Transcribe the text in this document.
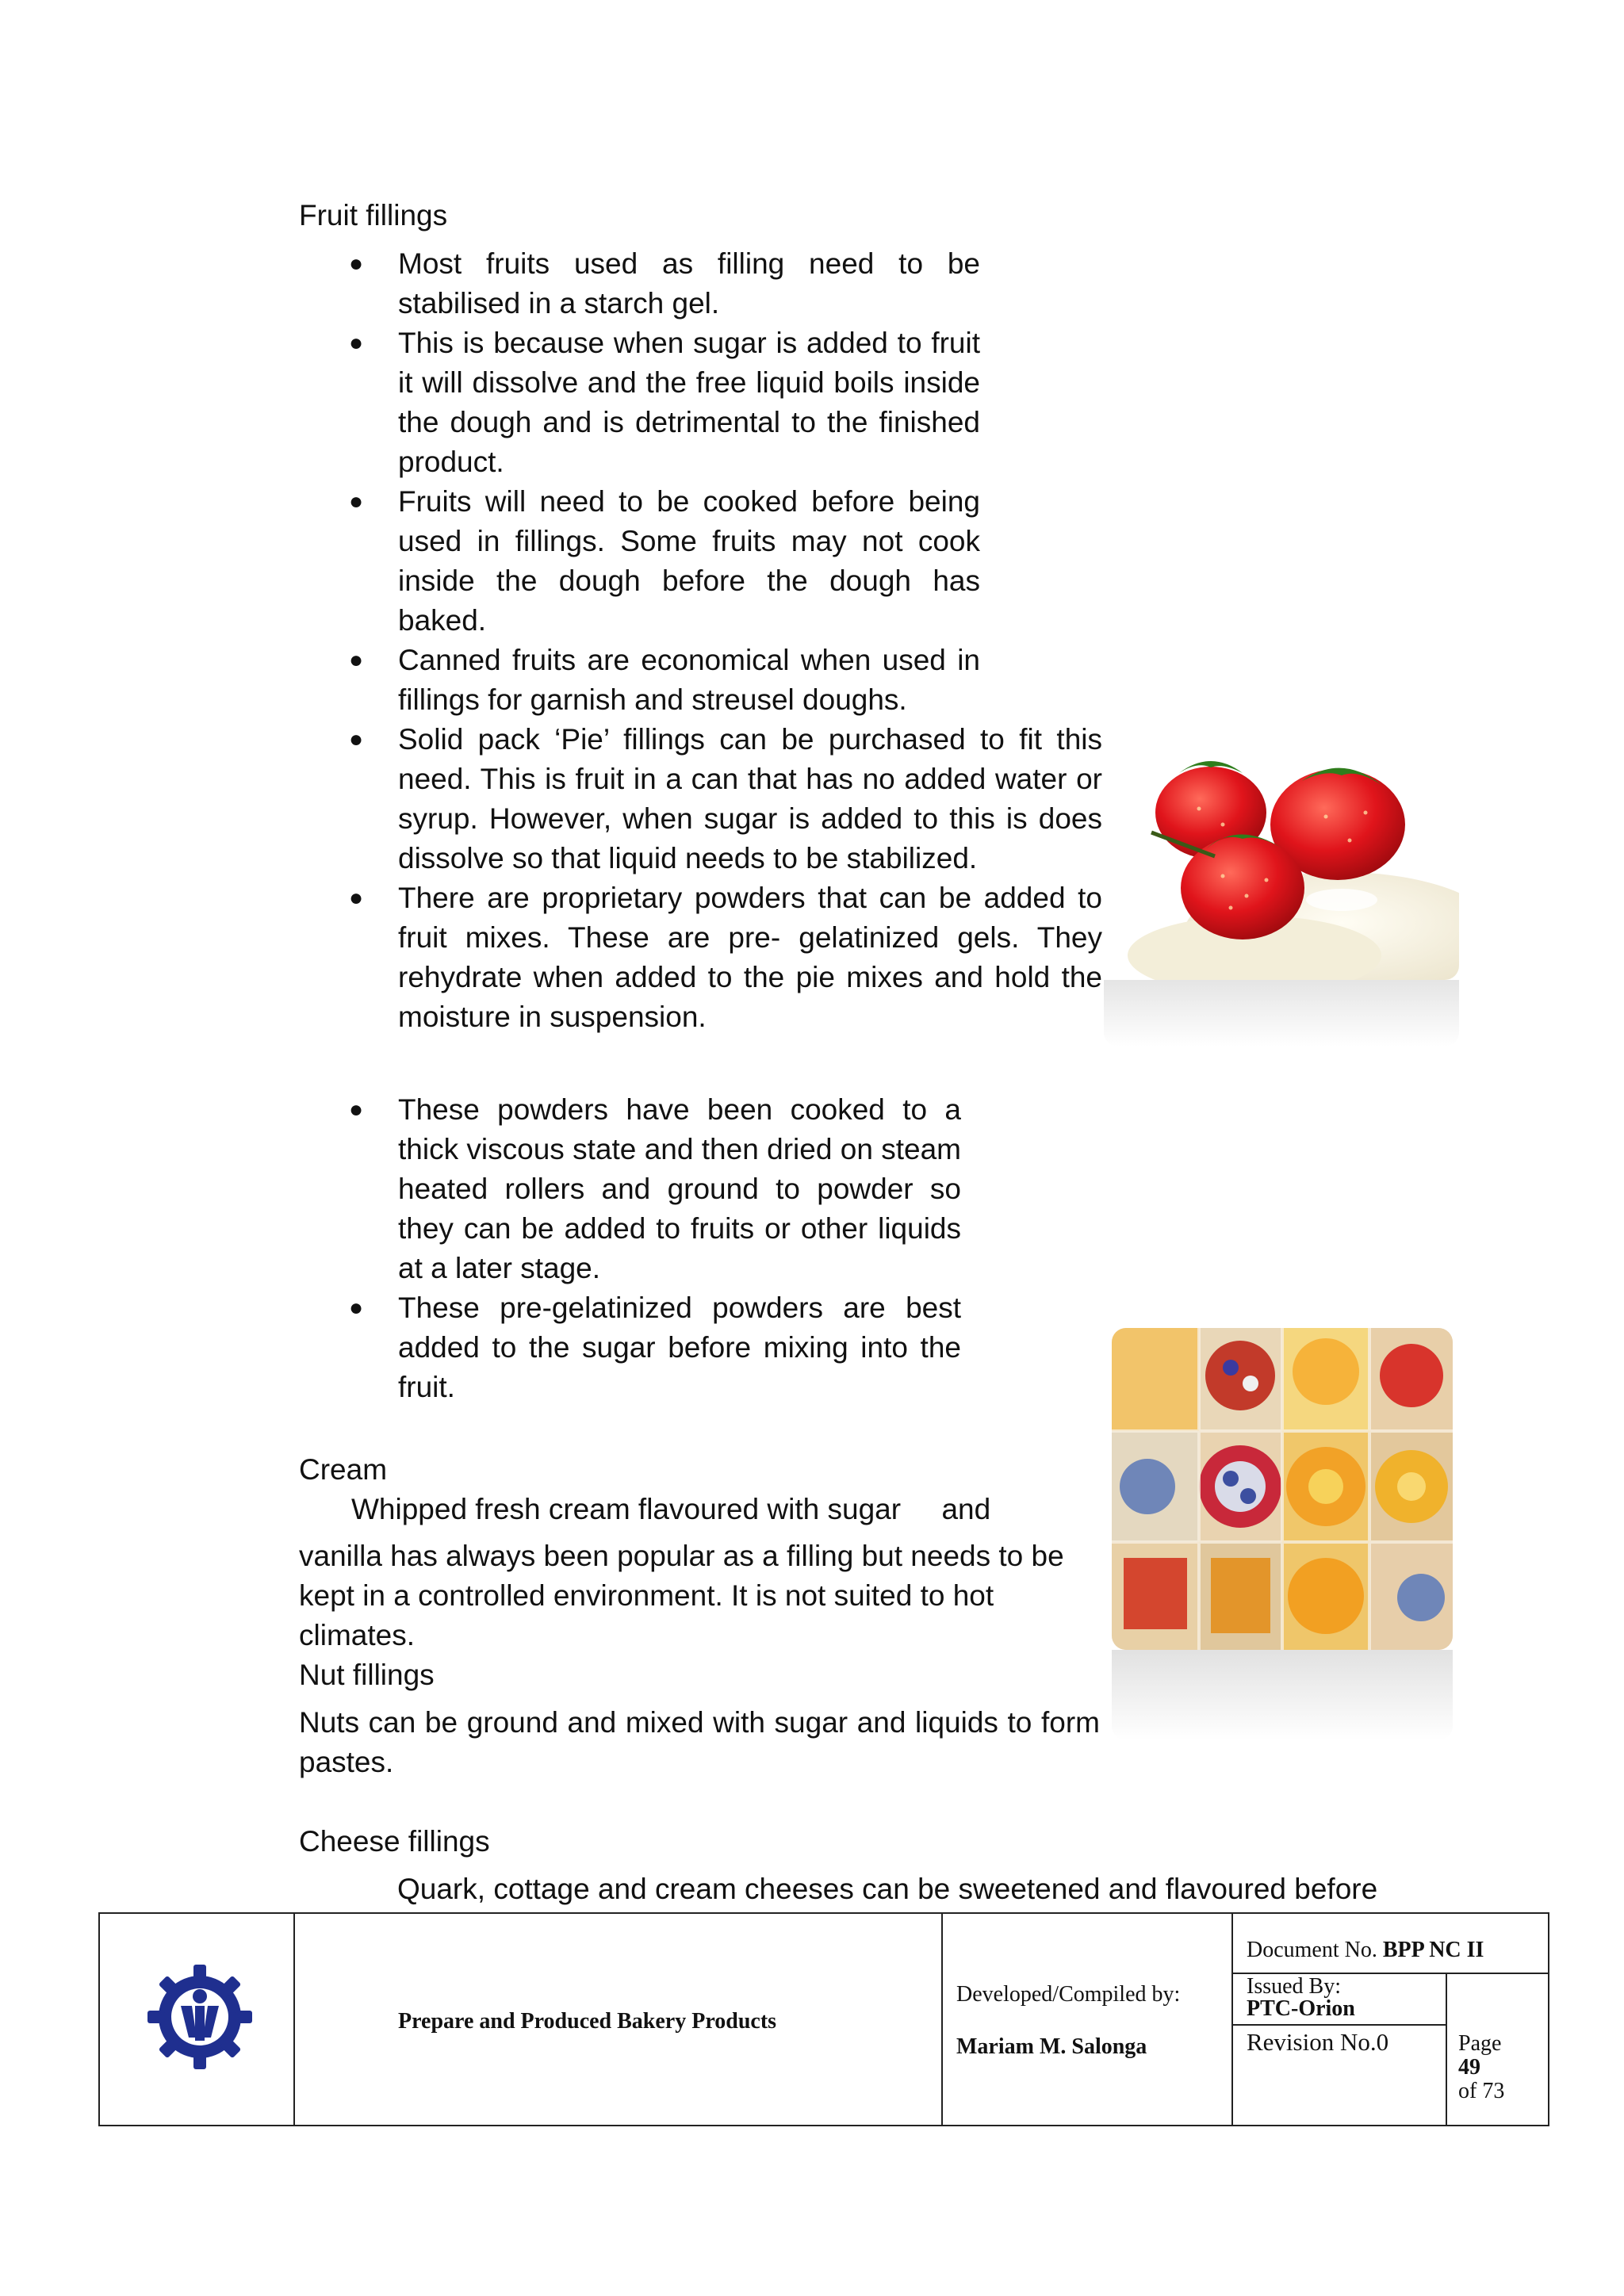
Fruit fillings
● Most fruits used as filling need to be stabilised in a starch gel.
● This is because when sugar is added to fruit it will dissolve and the free liquid boils inside the dough and is detrimental to the finished product.
● Fruits will need to be cooked before being used in fillings. Some fruits may not cook inside the dough before the dough has baked.
● Canned fruits are economical when used in fillings for garnish and streusel doughs.
● Solid pack ‘Pie’ fillings can be purchased to fit this need. This is fruit in a can that has no added water or syrup. However, when sugar is added to this is does dissolve so that liquid needs to be stabilized.
● There are proprietary powders that can be added to fruit mixes. These are pre- gelatinized gels. They rehydrate when added to the pie mixes and hold the moisture in suspension.
● These powders have been cooked to a thick viscous state and then dried on steam heated rollers and ground to powder so they can be added to fruits or other liquids at a later stage.
● These pre-gelatinized powders are best added to the sugar before mixing into the fruit.
Cream
Whipped fresh cream flavoured with sugar     and
vanilla has always been popular as a filling but needs to be kept in a controlled environment. It is not suited to hot climates.
Nut fillings
Nuts can be ground and mixed with sugar and liquids to form pastes.
Cheese fillings
Quark, cottage and cream cheeses can be sweetened and flavoured before
Prepare and Produced Bakery Products
Developed/Compiled by:
Mariam M. Salonga
Document No. BPP NC II
Issued By:
PTC-Orion
Revision No.0	Page
49
of 73
